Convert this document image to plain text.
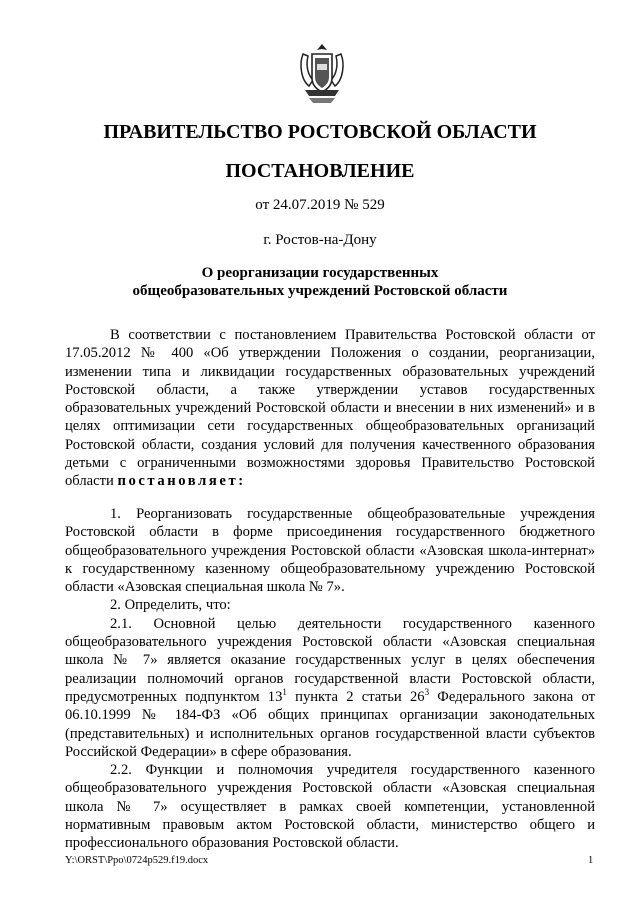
ПРАВИТЕЛЬСТВО РОСТОВСКОЙ ОБЛАСТИ
ПОСТАНОВЛЕНИЕ
от 24.07.2019 № 529
г. Ростов-на-Дону
О реорганизации государственных
общеобразовательных учреждений Ростовской области
В соответствии с постановлением Правительства Ростовской области от 17.05.2012 № 400 «Об утверждении Положения о создании, реорганизации, изменении типа и ликвидации государственных образовательных учреждений Ростовской области, а также утверждении уставов государственных образовательных учреждений Ростовской области и внесении в них изменений» и в целях оптимизации сети государственных общеобразовательных организаций Ростовской области, создания условий для получения качественного образования детьми с ограниченными возможностями здоровья Правительство Ростовской области постановляет:
1. Реорганизовать государственные общеобразовательные учреждения Ростовской области в форме присоединения государственного бюджетного общеобразовательного учреждения Ростовской области «Азовская школа-интернат» к государственному казенному общеобразовательному учреждению Ростовской области «Азовская специальная школа № 7».
2. Определить, что:
2.1. Основной целью деятельности государственного казенного общеобразовательного учреждения Ростовской области «Азовская специальная школа № 7» является оказание государственных услуг в целях обеспечения реализации полномочий органов государственной власти Ростовской области, предусмотренных подпунктом $13^1$ пункта 2 статьи $26^3$ Федерального закона от 06.10.1999 № 184-ФЗ «Об общих принципах организации законодательных (представительных) и исполнительных органов государственной власти субъектов Российской Федерации» в сфере образования.
2.2. Функции и полномочия учредителя государственного казенного общеобразовательного учреждения Ростовской области «Азовская специальная школа № 7» осуществляет в рамках своей компетенции, установленной нормативным правовым актом Ростовской области, министерство общего и профессионального образования Ростовской области.
Y:\ORST\Ppo\0724p529.f19.docx	1
